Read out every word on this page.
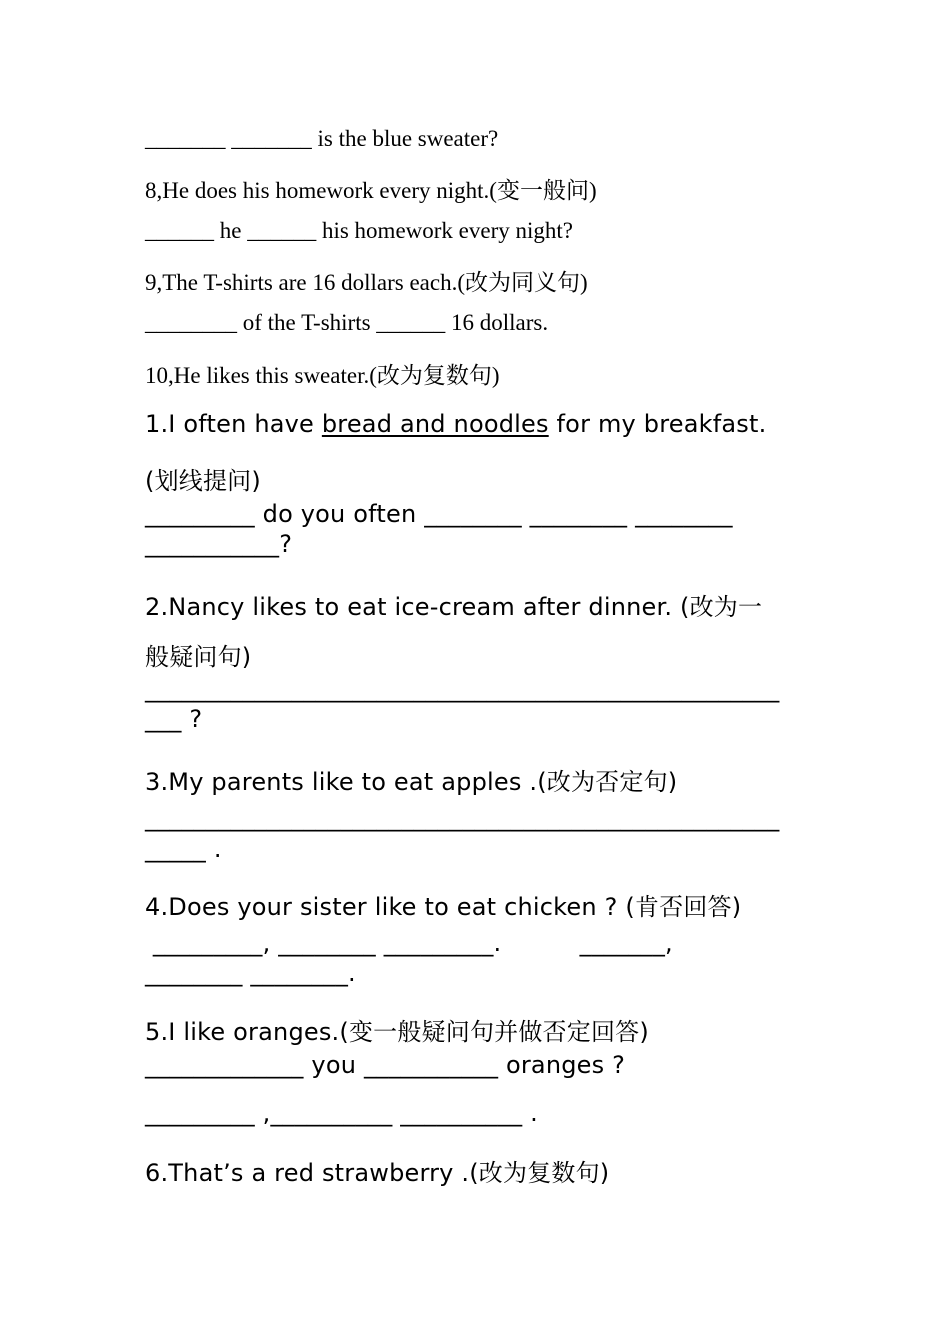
_______ _______ is the blue sweater?

8,He does his homework every night.(变一般问)

______ he ______ his homework every night?

9,The T-shirts are 16 dollars each.(改为同义句)

________ of the T-shirts ______ 16 dollars.

10,He likes this sweater.(改为复数句)

1.I often have bread and noodles for my breakfast.

(划线提问)

_________ do you often ________ ________ ________

___________?

2.Nancy likes to eat ice-cream after dinner. (改为一

般疑问句)

____________________________________________________

___ ?

3.My parents like to eat apples .(改为否定句)

____________________________________________________

_____ .

4.Does your sister like to eat chicken ? (肯否回答)

_________, ________ _________.          _______,

________ ________.

5.I like oranges.(变一般疑问句并做否定回答)

_____________ you ___________ oranges ?

_________ ,__________ __________ .

6.That’s a red strawberry .(改为复数句)
